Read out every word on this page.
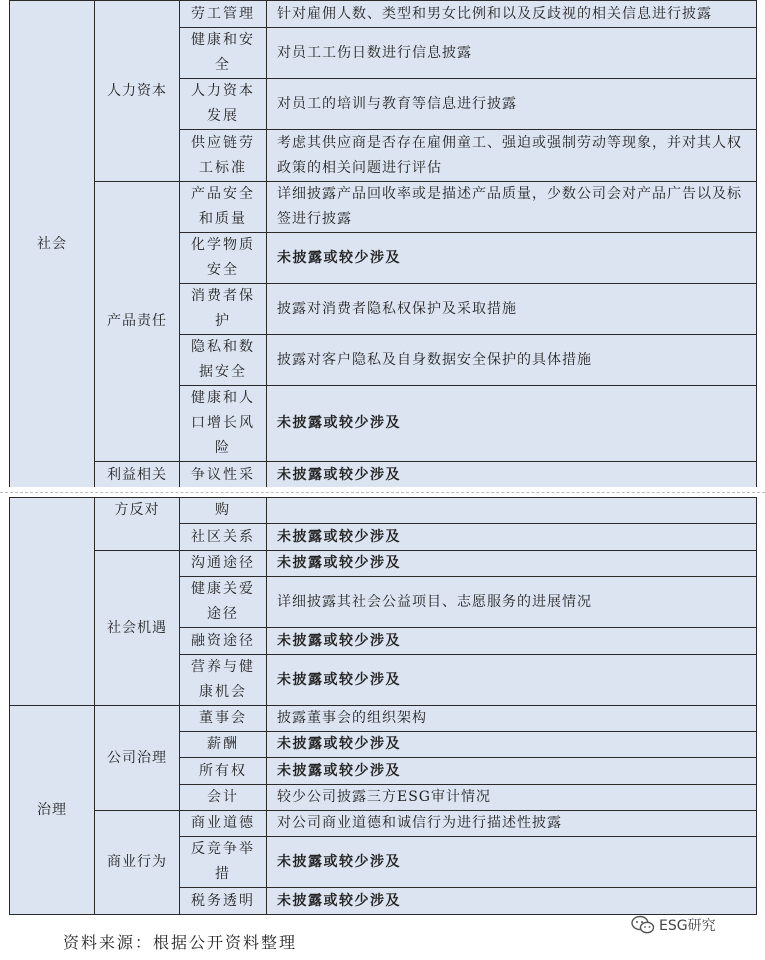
社会	人力资本	劳工管理	针对雇佣人数、类型和男女比例和以及反歧视的相关信息进行披露
		健康和安全	对员工工伤日数进行信息披露
		人力资本发展	对员工的培训与教育等信息进行披露
		供应链劳工标准	考虑其供应商是否存在雇佣童工、强迫或强制劳动等现象，并对其人权政策的相关问题进行评估
	产品责任	产品安全和质量	详细披露产品回收率或是描述产品质量，少数公司会对产品广告以及标签进行披露
		化学物质安全	未披露或较少涉及
		消费者保护	披露对消费者隐私权保护及采取措施
		隐私和数据安全	披露对客户隐私及自身数据安全保护的具体措施
		健康和人口增长风险	未披露或较少涉及
	利益相关	争议性采	未披露或较少涉及
	方反对	购	
		社区关系	未披露或较少涉及
	社会机遇	沟通途径	未披露或较少涉及
		健康关爱途径	详细披露其社会公益项目、志愿服务的进展情况
		融资途径	未披露或较少涉及
		营养与健康机会	未披露或较少涉及
治理	公司治理	董事会	披露董事会的组织架构
		薪酬	未披露或较少涉及
		所有权	未披露或较少涉及
		会计	较少公司披露三方ESG审计情况
	商业行为	商业道德	对公司商业道德和诚信行为进行描述性披露
		反竞争举措	未披露或较少涉及
		税务透明	未披露或较少涉及
资料来源：根据公开资料整理
ESG研究
